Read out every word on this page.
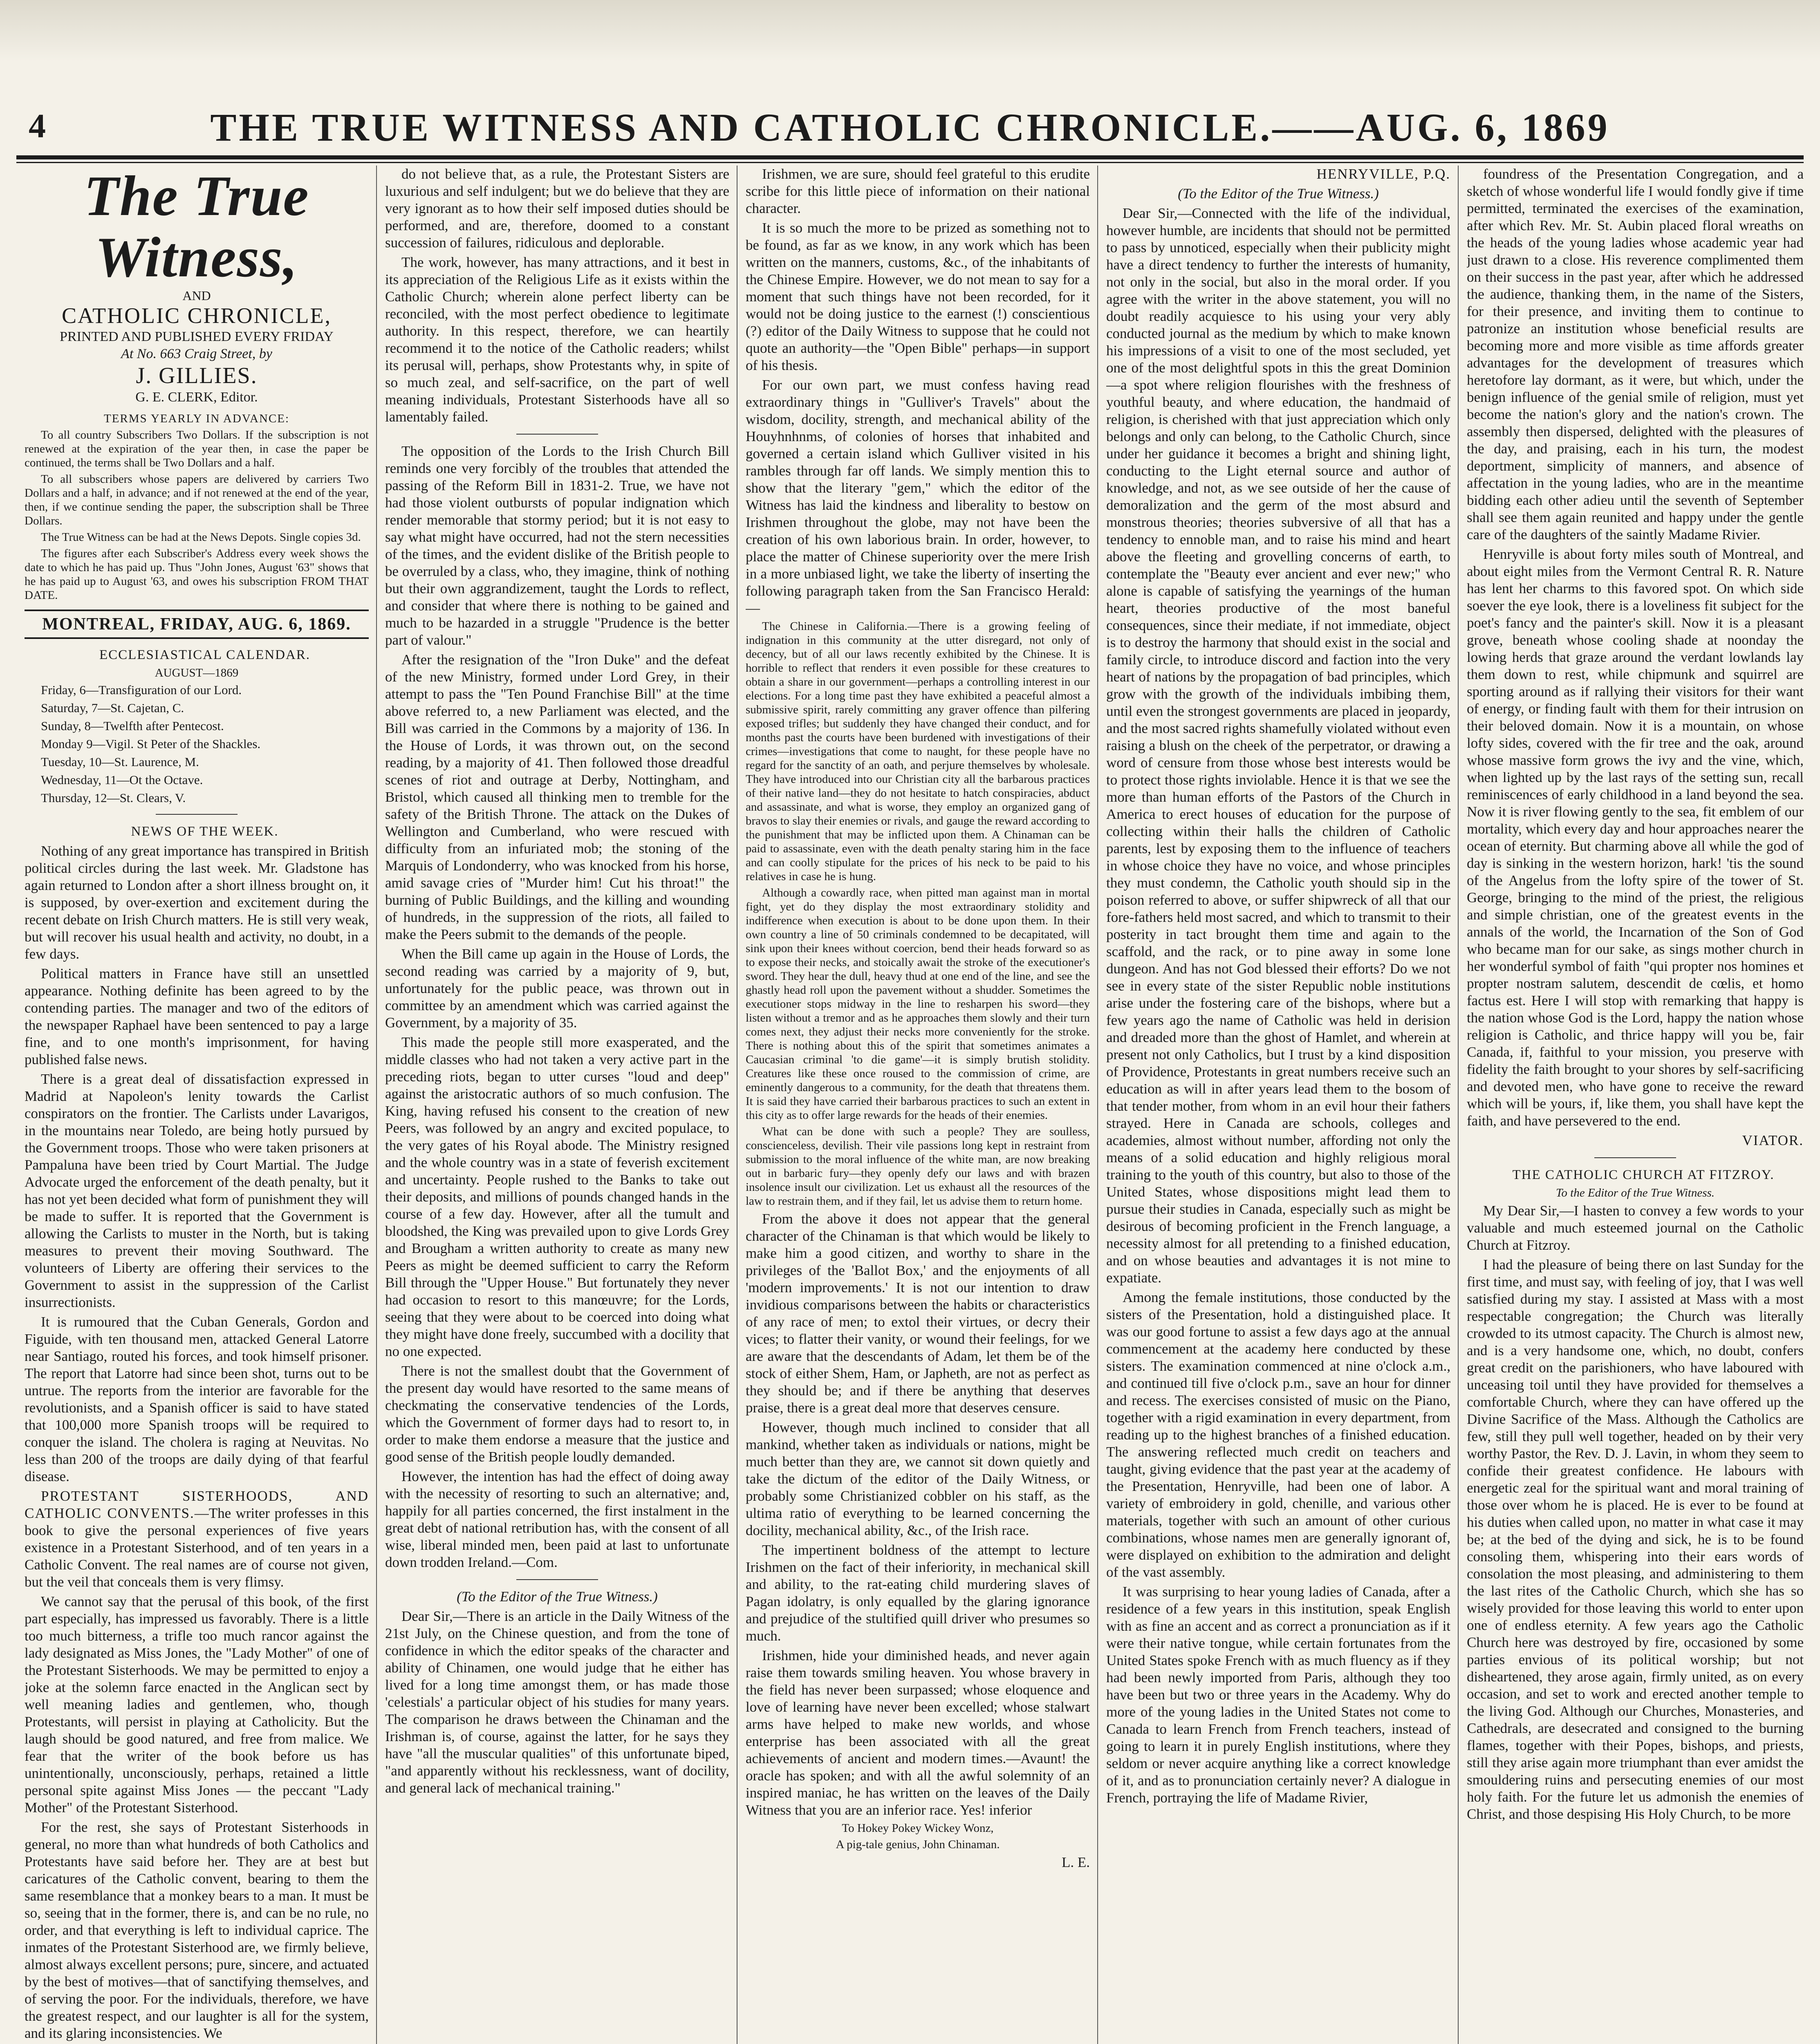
4	THE TRUE WITNESS AND CATHOLIC CHRONICLE.——AUG. 6, 1869
The True Witness,
AND
CATHOLIC CHRONICLE,
PRINTED AND PUBLISHED EVERY FRIDAY
At No. 663 Craig Street, by
J. GILLIES.
G. E. CLERK, Editor.

TERMS YEARLY IN ADVANCE:

To all country Subscribers Two Dollars. If the subscription is not renewed at the expiration of the year then, in case the paper be continued, the terms shall be Two Dollars and a half.

To all subscribers whose papers are delivered by carriers Two Dollars and a half, in advance; and if not renewed at the end of the year, then, if we continue sending the paper, the subscription shall be Three Dollars.

The True Witness can be had at the News Depots. Single copies 3d.

The figures after each Subscriber's Address every week shows the date to which he has paid up. Thus "John Jones, August '63" shows that he has paid up to August '63, and owes his subscription FROM THAT DATE.

MONTREAL, FRIDAY, AUG. 6, 1869.

ECCLESIASTICAL CALENDAR.

AUGUST—1869

Friday, 6—Transfiguration of our Lord.

Saturday, 7—St. Cajetan, C.

Sunday, 8—Twelfth after Pentecost.

Monday 9—Vigil. St Peter of the Shackles.

Tuesday, 10—St. Laurence, M.

Wednesday, 11—Ot the Octave.

Thursday, 12—St. Clears, V.

NEWS OF THE WEEK.

Nothing of any great importance has transpired in British political circles during the last week. Mr. Gladstone has again returned to London after a short illness brought on, it is supposed, by over-exertion and excitement during the recent debate on Irish Church matters. He is still very weak, but will recover his usual health and activity, no doubt, in a few days.

Political matters in France have still an unsettled appearance. Nothing definite has been agreed to by the contending parties. The manager and two of the editors of the newspaper Raphael have been sentenced to pay a large fine, and to one month's imprisonment, for having published false news.

There is a great deal of dissatisfaction expressed in Madrid at Napoleon's lenity towards the Carlist conspirators on the frontier. The Carlists under Lavarigos, in the mountains near Toledo, are being hotly pursued by the Government troops. Those who were taken prisoners at Pampaluna have been tried by Court Martial. The Judge Advocate urged the enforcement of the death penalty, but it has not yet been decided what form of punishment they will be made to suffer. It is reported that the Government is allowing the Carlists to muster in the North, but is taking measures to prevent their moving Southward. The volunteers of Liberty are offering their services to the Government to assist in the suppression of the Carlist insurrectionists.

It is rumoured that the Cuban Generals, Gordon and Figuide, with ten thousand men, attacked General Latorre near Santiago, routed his forces, and took himself prisoner. The report that Latorre had since been shot, turns out to be untrue. The reports from the interior are favorable for the revolutionists, and a Spanish officer is said to have stated that 100,000 more Spanish troops will be required to conquer the island. The cholera is raging at Neuvitas. No less than 200 of the troops are daily dying of that fearful disease.

PROTESTANT SISTERHOODS, AND CATHOLIC CONVENTS.—The writer professes in this book to give the personal experiences of five years existence in a Protestant Sisterhood, and of ten years in a Catholic Convent. The real names are of course not given, but the veil that conceals them is very flimsy.

We cannot say that the perusal of this book, of the first part especially, has impressed us favorably. There is a little too much bitterness, a trifle too much rancor against the lady designated as Miss Jones, the "Lady Mother" of one of the Protestant Sisterhoods. We may be permitted to enjoy a joke at the solemn farce enacted in the Anglican sect by well meaning ladies and gentlemen, who, though Protestants, will persist in playing at Catholicity. But the laugh should be good natured, and free from malice. We fear that the writer of the book before us has unintentionally, unconsciously, perhaps, retained a little personal spite against Miss Jones — the peccant "Lady Mother" of the Protestant Sisterhood.

For the rest, she says of Protestant Sisterhoods in general, no more than what hundreds of both Catholics and Protestants have said before her. They are at best but caricatures of the Catholic convent, bearing to them the same resemblance that a monkey bears to a man. It must be so, seeing that in the former, there is, and can be no rule, no order, and that everything is left to individual caprice. The inmates of the Protestant Sisterhood are, we firmly believe, almost always excellent persons; pure, sincere, and actuated by the best of motives—that of sanctifying themselves, and of serving the poor. For the individuals, therefore, we have the greatest respect, and our laughter is all for the system, and its glaring inconsistencies. We

do not believe that, as a rule, the Protestant Sisters are luxurious and self indulgent; but we do believe that they are very ignorant as to how their self imposed duties should be performed, and are, therefore, doomed to a constant succession of failures, ridiculous and deplorable.

The work, however, has many attractions, and it best in its appreciation of the Religious Life as it exists within the Catholic Church; wherein alone perfect liberty can be reconciled, with the most perfect obedience to legitimate authority. In this respect, therefore, we can heartily recommend it to the notice of the Catholic readers; whilst its perusal will, perhaps, show Protestants why, in spite of so much zeal, and self-sacrifice, on the part of well meaning individuals, Protestant Sisterhoods have all so lamentably failed.

The opposition of the Lords to the Irish Church Bill reminds one very forcibly of the troubles that attended the passing of the Reform Bill in 1831-2. True, we have not had those violent outbursts of popular indignation which render memorable that stormy period; but it is not easy to say what might have occurred, had not the stern necessities of the times, and the evident dislike of the British people to be overruled by a class, who, they imagine, think of nothing but their own aggrandizement, taught the Lords to reflect, and consider that where there is nothing to be gained and much to be hazarded in a struggle "Prudence is the better part of valour."

After the resignation of the "Iron Duke" and the defeat of the new Ministry, formed under Lord Grey, in their attempt to pass the "Ten Pound Franchise Bill" at the time above referred to, a new Parliament was elected, and the Bill was carried in the Commons by a majority of 136. In the House of Lords, it was thrown out, on the second reading, by a majority of 41. Then followed those dreadful scenes of riot and outrage at Derby, Nottingham, and Bristol, which caused all thinking men to tremble for the safety of the British Throne. The attack on the Dukes of Wellington and Cumberland, who were rescued with difficulty from an infuriated mob; the stoning of the Marquis of Londonderry, who was knocked from his horse, amid savage cries of "Murder him! Cut his throat!" the burning of Public Buildings, and the killing and wounding of hundreds, in the suppression of the riots, all failed to make the Peers submit to the demands of the people.

When the Bill came up again in the House of Lords, the second reading was carried by a majority of 9, but, unfortunately for the public peace, was thrown out in committee by an amendment which was carried against the Government, by a majority of 35.

This made the people still more exasperated, and the middle classes who had not taken a very active part in the preceding riots, began to utter curses "loud and deep" against the aristocratic authors of so much confusion. The King, having refused his consent to the creation of new Peers, was followed by an angry and excited populace, to the very gates of his Royal abode. The Ministry resigned and the whole country was in a state of feverish excitement and uncertainty. People rushed to the Banks to take out their deposits, and millions of pounds changed hands in the course of a few day. However, after all the tumult and bloodshed, the King was prevailed upon to give Lords Grey and Brougham a written authority to create as many new Peers as might be deemed sufficient to carry the Reform Bill through the "Upper House." But fortunately they never had occasion to resort to this manœuvre; for the Lords, seeing that they were about to be coerced into doing what they might have done freely, succumbed with a docility that no one expected.

There is not the smallest doubt that the Government of the present day would have resorted to the same means of checkmating the conservative tendencies of the Lords, which the Government of former days had to resort to, in order to make them endorse a measure that the justice and good sense of the British people loudly demanded.

However, the intention has had the effect of doing away with the necessity of resorting to such an alternative; and, happily for all parties concerned, the first instalment in the great debt of national retribution has, with the consent of all wise, liberal minded men, been paid at last to unfortunate down trodden Ireland.—Com.

(To the Editor of the True Witness.)

Dear Sir,—There is an article in the Daily Witness of the 21st July, on the Chinese question, and from the tone of confidence in which the editor speaks of the character and ability of Chinamen, one would judge that he either has lived for a long time amongst them, or has made those 'celestials' a particular object of his studies for many years. The comparison he draws between the Chinaman and the Irishman is, of course, against the latter, for he says they have "all the muscular qualities" of this unfortunate biped, "and apparently without his recklessness, want of docility, and general lack of mechanical training."

Irishmen, we are sure, should feel grateful to this erudite scribe for this little piece of information on their national character.

It is so much the more to be prized as something not to be found, as far as we know, in any work which has been written on the manners, customs, &c., of the inhabitants of the Chinese Empire. However, we do not mean to say for a moment that such things have not been recorded, for it would not be doing justice to the earnest (!) conscientious (?) editor of the Daily Witness to suppose that he could not quote an authority—the "Open Bible" perhaps—in support of his thesis.

For our own part, we must confess having read extraordinary things in "Gulliver's Travels" about the wisdom, docility, strength, and mechanical ability of the Houyhnhnms, of colonies of horses that inhabited and governed a certain island which Gulliver visited in his rambles through far off lands. We simply mention this to show that the literary "gem," which the editor of the Witness has laid the kindness and liberality to bestow on Irishmen throughout the globe, may not have been the creation of his own laborious brain. In order, however, to place the matter of Chinese superiority over the mere Irish in a more unbiased light, we take the liberty of inserting the following paragraph taken from the San Francisco Herald:—

The Chinese in California.—There is a growing feeling of indignation in this community at the utter disregard, not only of decency, but of all our laws recently exhibited by the Chinese. It is horrible to reflect that renders it even possible for these creatures to obtain a share in our government—perhaps a controlling interest in our elections. For a long time past they have exhibited a peaceful almost a submissive spirit, rarely committing any graver offence than pilfering exposed trifles; but suddenly they have changed their conduct, and for months past the courts have been burdened with investigations of their crimes—investigations that come to naught, for these people have no regard for the sanctity of an oath, and perjure themselves by wholesale. They have introduced into our Christian city all the barbarous practices of their native land—they do not hesitate to hatch conspiracies, abduct and assassinate, and what is worse, they employ an organized gang of bravos to slay their enemies or rivals, and gauge the reward according to the punishment that may be inflicted upon them. A Chinaman can be paid to assassinate, even with the death penalty staring him in the face and can coolly stipulate for the prices of his neck to be paid to his relatives in case he is hung.

Although a cowardly race, when pitted man against man in mortal fight, yet do they display the most extraordinary stolidity and indifference when execution is about to be done upon them. In their own country a line of 50 criminals condemned to be decapitated, will sink upon their knees without coercion, bend their heads forward so as to expose their necks, and stoically await the stroke of the executioner's sword. They hear the dull, heavy thud at one end of the line, and see the ghastly head roll upon the pavement without a shudder. Sometimes the executioner stops midway in the line to resharpen his sword—they listen without a tremor and as he approaches them slowly and their turn comes next, they adjust their necks more conveniently for the stroke. There is nothing about this of the spirit that sometimes animates a Caucasian criminal 'to die game'—it is simply brutish stolidity. Creatures like these once roused to the commission of crime, are eminently dangerous to a community, for the death that threatens them. It is said they have carried their barbarous practices to such an extent in this city as to offer large rewards for the heads of their enemies.

What can be done with such a people? They are soulless, conscienceless, devilish. Their vile passions long kept in restraint from submission to the moral influence of the white man, are now breaking out in barbaric fury—they openly defy our laws and with brazen insolence insult our civilization. Let us exhaust all the resources of the law to restrain them, and if they fail, let us advise them to return home.

From the above it does not appear that the general character of the Chinaman is that which would be likely to make him a good citizen, and worthy to share in the privileges of the 'Ballot Box,' and the enjoyments of all 'modern improvements.' It is not our intention to draw invidious comparisons between the habits or characteristics of any race of men; to extol their virtues, or decry their vices; to flatter their vanity, or wound their feelings, for we are aware that the descendants of Adam, let them be of the stock of either Shem, Ham, or Japheth, are not as perfect as they should be; and if there be anything that deserves praise, there is a great deal more that deserves censure.

However, though much inclined to consider that all mankind, whether taken as individuals or nations, might be much better than they are, we cannot sit down quietly and take the dictum of the editor of the Daily Witness, or probably some Christianized cobbler on his staff, as the ultima ratio of everything to be learned concerning the docility, mechanical ability, &c., of the Irish race.

The impertinent boldness of the attempt to lecture Irishmen on the fact of their inferiority, in mechanical skill and ability, to the rat-eating child murdering slaves of Pagan idolatry, is only equalled by the glaring ignorance and prejudice of the stultified quill driver who presumes so much.

Irishmen, hide your diminished heads, and never again raise them towards smiling heaven. You whose bravery in the field has never been surpassed; whose eloquence and love of learning have never been excelled; whose stalwart arms have helped to make new worlds, and whose enterprise has been associated with all the great achievements of ancient and modern times.—Avaunt! the oracle has spoken; and with all the awful solemnity of an inspired maniac, he has written on the leaves of the Daily Witness that you are an inferior race. Yes! inferior

To Hokey Pokey Wickey Wonz,

A pig-tale genius, John Chinaman.

L. E.

HENRYVILLE, P.Q.

(To the Editor of the True Witness.)

Dear Sir,—Connected with the life of the individual, however humble, are incidents that should not be permitted to pass by unnoticed, especially when their publicity might have a direct tendency to further the interests of humanity, not only in the social, but also in the moral order. If you agree with the writer in the above statement, you will no doubt readily acquiesce to his using your very ably conducted journal as the medium by which to make known his impressions of a visit to one of the most secluded, yet one of the most delightful spots in this the great Dominion—a spot where religion flourishes with the freshness of youthful beauty, and where education, the handmaid of religion, is cherished with that just appreciation which only belongs and only can belong, to the Catholic Church, since under her guidance it becomes a bright and shining light, conducting to the Light eternal source and author of knowledge, and not, as we see outside of her the cause of demoralization and the germ of the most absurd and monstrous theories; theories subversive of all that has a tendency to ennoble man, and to raise his mind and heart above the fleeting and grovelling concerns of earth, to contemplate the "Beauty ever ancient and ever new;" who alone is capable of satisfying the yearnings of the human heart, theories productive of the most baneful consequences, since their mediate, if not immediate, object is to destroy the harmony that should exist in the social and family circle, to introduce discord and faction into the very heart of nations by the propagation of bad principles, which grow with the growth of the individuals imbibing them, until even the strongest governments are placed in jeopardy, and the most sacred rights shamefully violated without even raising a blush on the cheek of the perpetrator, or drawing a word of censure from those whose best interests would be to protect those rights inviolable. Hence it is that we see the more than human efforts of the Pastors of the Church in America to erect houses of education for the purpose of collecting within their halls the children of Catholic parents, lest by exposing them to the influence of teachers in whose choice they have no voice, and whose principles they must condemn, the Catholic youth should sip in the poison referred to above, or suffer shipwreck of all that our fore-fathers held most sacred, and which to transmit to their posterity in tact brought them time and again to the scaffold, and the rack, or to pine away in some lone dungeon. And has not God blessed their efforts? Do we not see in every state of the sister Republic noble institutions arise under the fostering care of the bishops, where but a few years ago the name of Catholic was held in derision and dreaded more than the ghost of Hamlet, and wherein at present not only Catholics, but I trust by a kind disposition of Providence, Protestants in great numbers receive such an education as will in after years lead them to the bosom of that tender mother, from whom in an evil hour their fathers strayed. Here in Canada are schools, colleges and academies, almost without number, affording not only the means of a solid education and highly religious moral training to the youth of this country, but also to those of the United States, whose dispositions might lead them to pursue their studies in Canada, especially such as might be desirous of becoming proficient in the French language, a necessity almost for all pretending to a finished education, and on whose beauties and advantages it is not mine to expatiate.

Among the female institutions, those conducted by the sisters of the Presentation, hold a distinguished place. It was our good fortune to assist a few days ago at the annual commencement at the academy here conducted by these sisters. The examination commenced at nine o'clock a.m., and continued till five o'clock p.m., save an hour for dinner and recess. The exercises consisted of music on the Piano, together with a rigid examination in every department, from reading up to the highest branches of a finished education. The answering reflected much credit on teachers and taught, giving evidence that the past year at the academy of the Presentation, Henryville, had been one of labor. A variety of embroidery in gold, chenille, and various other materials, together with such an amount of other curious combinations, whose names men are generally ignorant of, were displayed on exhibition to the admiration and delight of the vast assembly.

It was surprising to hear young ladies of Canada, after a residence of a few years in this institution, speak English with as fine an accent and as correct a pronunciation as if it were their native tongue, while certain fortunates from the United States spoke French with as much fluency as if they had been newly imported from Paris, although they too have been but two or three years in the Academy. Why do more of the young ladies in the United States not come to Canada to learn French from French teachers, instead of going to learn it in purely English institutions, where they seldom or never acquire anything like a correct knowledge of it, and as to pronunciation certainly never? A dialogue in French, portraying the life of Madame Rivier,

foundress of the Presentation Congregation, and a sketch of whose wonderful life I would fondly give if time permitted, terminated the exercises of the examination, after which Rev. Mr. St. Aubin placed floral wreaths on the heads of the young ladies whose academic year had just drawn to a close. His reverence complimented them on their success in the past year, after which he addressed the audience, thanking them, in the name of the Sisters, for their presence, and inviting them to continue to patronize an institution whose beneficial results are becoming more and more visible as time affords greater advantages for the development of treasures which heretofore lay dormant, as it were, but which, under the benign influence of the genial smile of religion, must yet become the nation's glory and the nation's crown. The assembly then dispersed, delighted with the pleasures of the day, and praising, each in his turn, the modest deportment, simplicity of manners, and absence of affectation in the young ladies, who are in the meantime bidding each other adieu until the seventh of September shall see them again reunited and happy under the gentle care of the daughters of the saintly Madame Rivier.

Henryville is about forty miles south of Montreal, and about eight miles from the Vermont Central R. R. Nature has lent her charms to this favored spot. On which side soever the eye look, there is a loveliness fit subject for the poet's fancy and the painter's skill. Now it is a pleasant grove, beneath whose cooling shade at noonday the lowing herds that graze around the verdant lowlands lay them down to rest, while chipmunk and squirrel are sporting around as if rallying their visitors for their want of energy, or finding fault with them for their intrusion on their beloved domain. Now it is a mountain, on whose lofty sides, covered with the fir tree and the oak, around whose massive form grows the ivy and the vine, which, when lighted up by the last rays of the setting sun, recall reminiscences of early childhood in a land beyond the sea. Now it is river flowing gently to the sea, fit emblem of our mortality, which every day and hour approaches nearer the ocean of eternity. But charming above all while the god of day is sinking in the western horizon, hark! 'tis the sound of the Angelus from the lofty spire of the tower of St. George, bringing to the mind of the priest, the religious and simple christian, one of the greatest events in the annals of the world, the Incarnation of the Son of God who became man for our sake, as sings mother church in her wonderful symbol of faith "qui propter nos homines et propter nostram salutem, descendit de cœlis, et homo factus est. Here I will stop with remarking that happy is the nation whose God is the Lord, happy the nation whose religion is Catholic, and thrice happy will you be, fair Canada, if, faithful to your mission, you preserve with fidelity the faith brought to your shores by self-sacrificing and devoted men, who have gone to receive the reward which will be yours, if, like them, you shall have kept the faith, and have persevered to the end.

VIATOR.

THE CATHOLIC CHURCH AT FITZROY.

To the Editor of the True Witness.

My Dear Sir,—I hasten to convey a few words to your valuable and much esteemed journal on the Catholic Church at Fitzroy.

I had the pleasure of being there on last Sunday for the first time, and must say, with feeling of joy, that I was well satisfied during my stay. I assisted at Mass with a most respectable congregation; the Church was literally crowded to its utmost capacity. The Church is almost new, and is a very handsome one, which, no doubt, confers great credit on the parishioners, who have laboured with unceasing toil until they have provided for themselves a comfortable Church, where they can have offered up the Divine Sacrifice of the Mass. Although the Catholics are few, still they pull well together, headed on by their very worthy Pastor, the Rev. D. J. Lavin, in whom they seem to confide their greatest confidence. He labours with energetic zeal for the spiritual want and moral training of those over whom he is placed. He is ever to be found at his duties when called upon, no matter in what case it may be; at the bed of the dying and sick, he is to be found consoling them, whispering into their ears words of consolation the most pleasing, and administering to them the last rites of the Catholic Church, which she has so wisely provided for those leaving this world to enter upon one of endless eternity. A few years ago the Catholic Church here was destroyed by fire, occasioned by some parties envious of its political worship; but not disheartened, they arose again, firmly united, as on every occasion, and set to work and erected another temple to the living God. Although our Churches, Monasteries, and Cathedrals, are desecrated and consigned to the burning flames, together with their Popes, bishops, and priests, still they arise again more triumphant than ever amidst the smouldering ruins and persecuting enemies of our most holy faith. For the future let us admonish the enemies of Christ, and those despising His Holy Church, to be more
